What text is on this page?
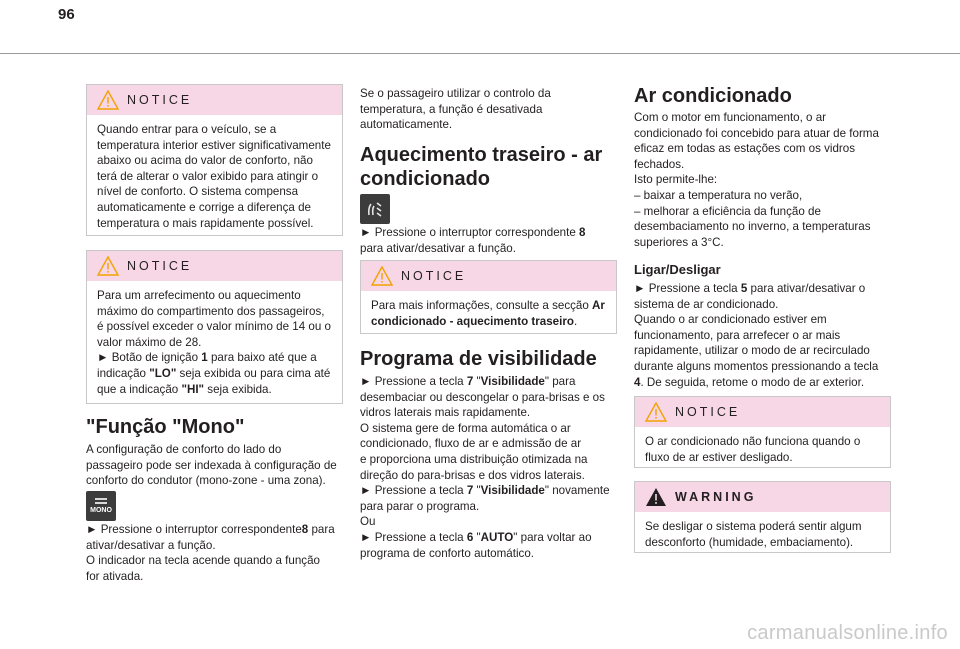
96
NOTICE

Quando entrar para o veículo, se a

temperatura interior estiver significativamente

abaixo ou acima do valor de conforto, não

terá de alterar o valor exibido para atingir o

nível de conforto. O sistema compensa

automaticamente e corrige a diferença de

temperatura o mais rapidamente possível.

NOTICE

Para um arrefecimento ou aquecimento

máximo do compartimento dos passageiros,

é possível exceder o valor mínimo de 14 ou o

valor máximo de 28.

► Botão de ignição 1 para baixo até que a

indicação "LO" seja exibida ou para cima até

que a indicação "HI" seja exibida.

"Função "Mono"

A configuração de conforto do lado do

passageiro pode ser indexada à configuração de

conforto do condutor (mono-zone - uma zona).

MONO

► Pressione o interruptor correspondente8 para

ativar/desativar a função.

O indicador na tecla acende quando a função

for ativada.

Se o passageiro utilizar o controlo da

temperatura, a função é desativada

automaticamente.

Aquecimento traseiro - ar
condicionado

► Pressione o interruptor correspondente 8

para ativar/desativar a função.

NOTICE

Para mais informações, consulte a secção Ar

condicionado - aquecimento traseiro.

Programa de visibilidade

► Pressione a tecla 7 "Visibilidade" para

desembaciar ou descongelar o para-brisas e os

vidros laterais mais rapidamente.

O sistema gere de forma automática o ar

condicionado, fluxo de ar e admissão de ar

e proporciona uma distribuição otimizada na

direção do para-brisas e dos vidros laterais.

► Pressione a tecla 7 "Visibilidade" novamente

para parar o programa.

Ou

► Pressione a tecla 6 "AUTO" para voltar ao

programa de conforto automático.

Ar condicionado

Com o motor em funcionamento, o ar

condicionado foi concebido para atuar de forma

eficaz em todas as estações com os vidros

fechados.

Isto permite-lhe:

– baixar a temperatura no verão,

– melhorar a eficiência da função de

desembaciamento no inverno, a temperaturas

superiores a 3°C.

Ligar/Desligar

► Pressione a tecla 5 para ativar/desativar o

sistema de ar condicionado.

Quando o ar condicionado estiver em

funcionamento, para arrefecer o ar mais

rapidamente, utilizar o modo de ar recirculado

durante alguns momentos pressionando a tecla

4. De seguida, retome o modo de ar exterior.

NOTICE

O ar condicionado não funciona quando o

fluxo de ar estiver desligado.

WARNING

Se desligar o sistema poderá sentir algum

desconforto (humidade, embaciamento).

carmanualsonline.info
